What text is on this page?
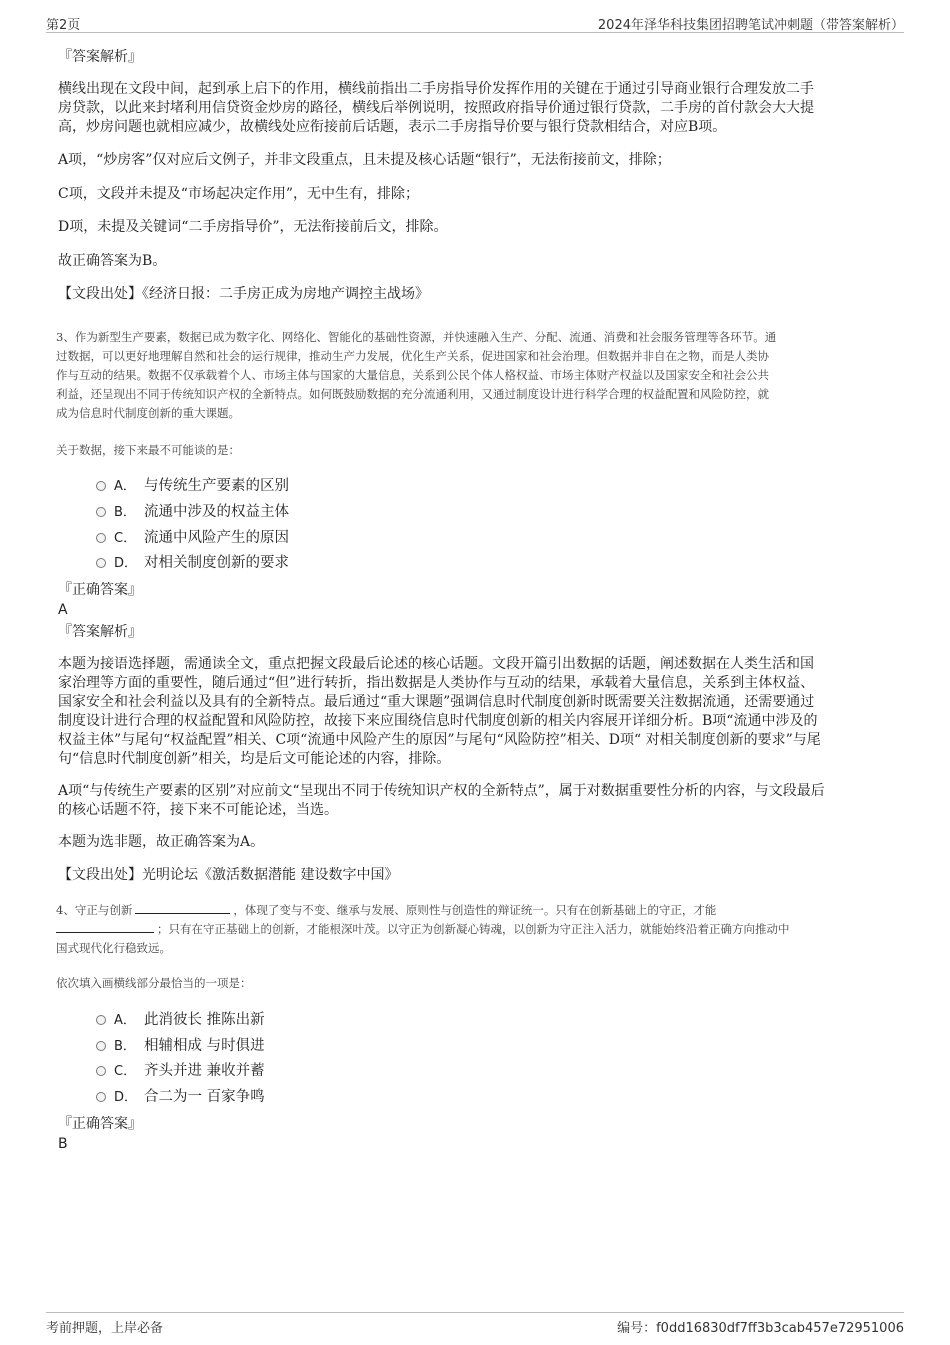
第2页	2024年泽华科技集团招聘笔试冲刺题（带答案解析）
『答案解析』
横线出现在文段中间，起到承上启下的作用，横线前指出二手房指导价发挥作用的关键在于通过引导商业银行合理发放二手
房贷款，以此来封堵利用信贷资金炒房的路径，横线后举例说明，按照政府指导价通过银行贷款，二手房的首付款会大大提
高，炒房问题也就相应减少，故横线处应衔接前后话题，表示二手房指导价要与银行贷款相结合，对应B项。
A项，“炒房客”仅对应后文例子，并非文段重点，且未提及核心话题“银行”，无法衔接前文，排除；
C项，文段并未提及“市场起决定作用”，无中生有，排除；
D项，未提及关键词“二手房指导价”，无法衔接前后文，排除。
故正确答案为B。
【文段出处】《经济日报：二手房正成为房地产调控主战场》
3、作为新型生产要素，数据已成为数字化、网络化、智能化的基础性资源，并快速融入生产、分配、流通、消费和社会服务管理等各环节。通
过数据，可以更好地理解自然和社会的运行规律，推动生产力发展，优化生产关系，促进国家和社会治理。但数据并非自在之物，而是人类协
作与互动的结果。数据不仅承载着个人、市场主体与国家的大量信息，关系到公民个体人格权益、市场主体财产权益以及国家安全和社会公共
利益，还呈现出不同于传统知识产权的全新特点。如何既鼓励数据的充分流通利用，又通过制度设计进行科学合理的权益配置和风险防控，就
成为信息时代制度创新的重大课题。
关于数据，接下来最不可能谈的是：
A． 与传统生产要素的区别
B． 流通中涉及的权益主体
C． 流通中风险产生的原因
D． 对相关制度创新的要求
『正确答案』
A
『答案解析』
本题为接语选择题，需通读全文，重点把握文段最后论述的核心话题。文段开篇引出数据的话题，阐述数据在人类生活和国
家治理等方面的重要性，随后通过“但”进行转折，指出数据是人类协作与互动的结果，承载着大量信息，关系到主体权益、
国家安全和社会利益以及具有的全新特点。最后通过“重大课题”强调信息时代制度创新时既需要关注数据流通，还需要通过
制度设计进行合理的权益配置和风险防控，故接下来应围绕信息时代制度创新的相关内容展开详细分析。B项“流通中涉及的
权益主体”与尾句“权益配置”相关、C项“流通中风险产生的原因”与尾句“风险防控”相关、D项“ 对相关制度创新的要求”与尾
句“信息时代制度创新”相关，均是后文可能论述的内容，排除。
A项“与传统生产要素的区别”对应前文“呈现出不同于传统知识产权的全新特点”，属于对数据重要性分析的内容，与文段最后
的核心话题不符，接下来不可能论述，当选。
本题为选非题，故正确答案为A。
【文段出处】光明论坛《激活数据潜能 建设数字中国》
4、守正与创新	，体现了变与不变、继承与发展、原则性与创造性的辩证统一。只有在创新基础上的守正，才能
；只有在守正基础上的创新，才能根深叶茂。以守正为创新凝心铸魂，以创新为守正注入活力，就能始终沿着正确方向推动中
国式现代化行稳致远。
依次填入画横线部分最恰当的一项是：
A． 此消彼长 推陈出新
B． 相辅相成 与时俱进
C． 齐头并进 兼收并蓄
D． 合二为一 百家争鸣
『正确答案』
B
考前押题，上岸必备	编号：f0dd16830df7ff3b3cab457e72951006
